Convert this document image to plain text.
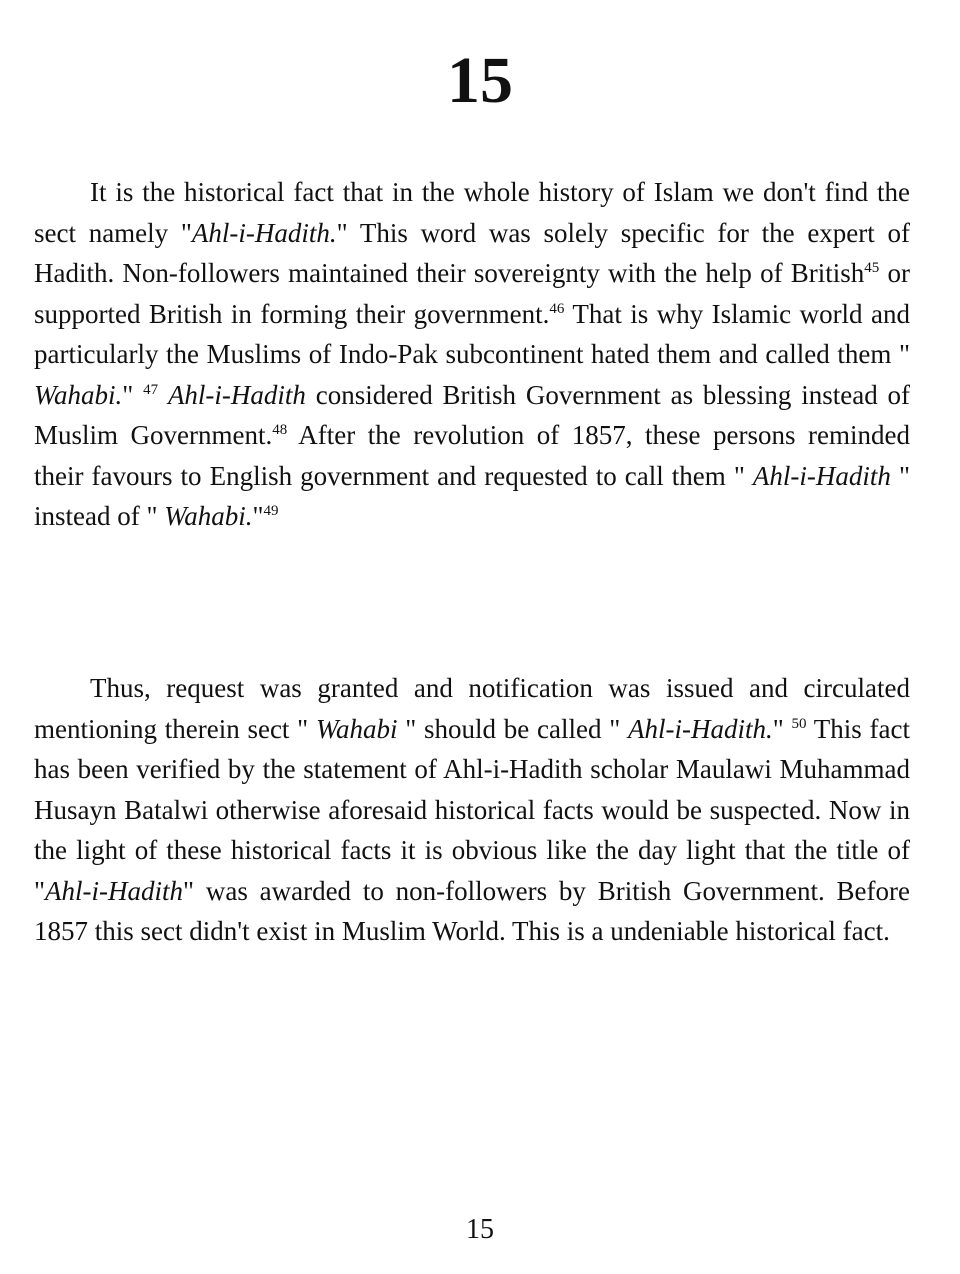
15

It is the historical fact that in the whole history of Islam we don't find the sect namely "Ahl-i-Hadith." This word was solely specific for the expert of Hadith. Non-followers maintained their sovereignty with the help of British$^{45}$ or supported British in forming their government.$^{46}$ That is why Islamic world and particularly the Muslims of Indo-Pak subcontinent hated them and called them " Wahabi." $^{47}$ Ahl-i-Hadith considered British Government as blessing instead of Muslim Government.$^{48}$ After the revolution of 1857, these persons reminded their favours to English government and requested to call them " Ahl-i-Hadith " instead of " Wahabi."$^{49}$

Thus, request was granted and notification was issued and circulated mentioning therein sect " Wahabi " should be called " Ahl-i-Hadith." $^{50}$ This fact has been verified by the statement of Ahl-i-Hadith scholar Maulawi Muhammad Husayn Batalwi otherwise aforesaid historical facts would be suspected. Now in the light of these historical facts it is obvious like the day light that the title of "Ahl-i-Hadith" was awarded to non-followers by British Government. Before 1857 this sect didn't exist in Muslim World. This is a undeniable historical fact.

15
